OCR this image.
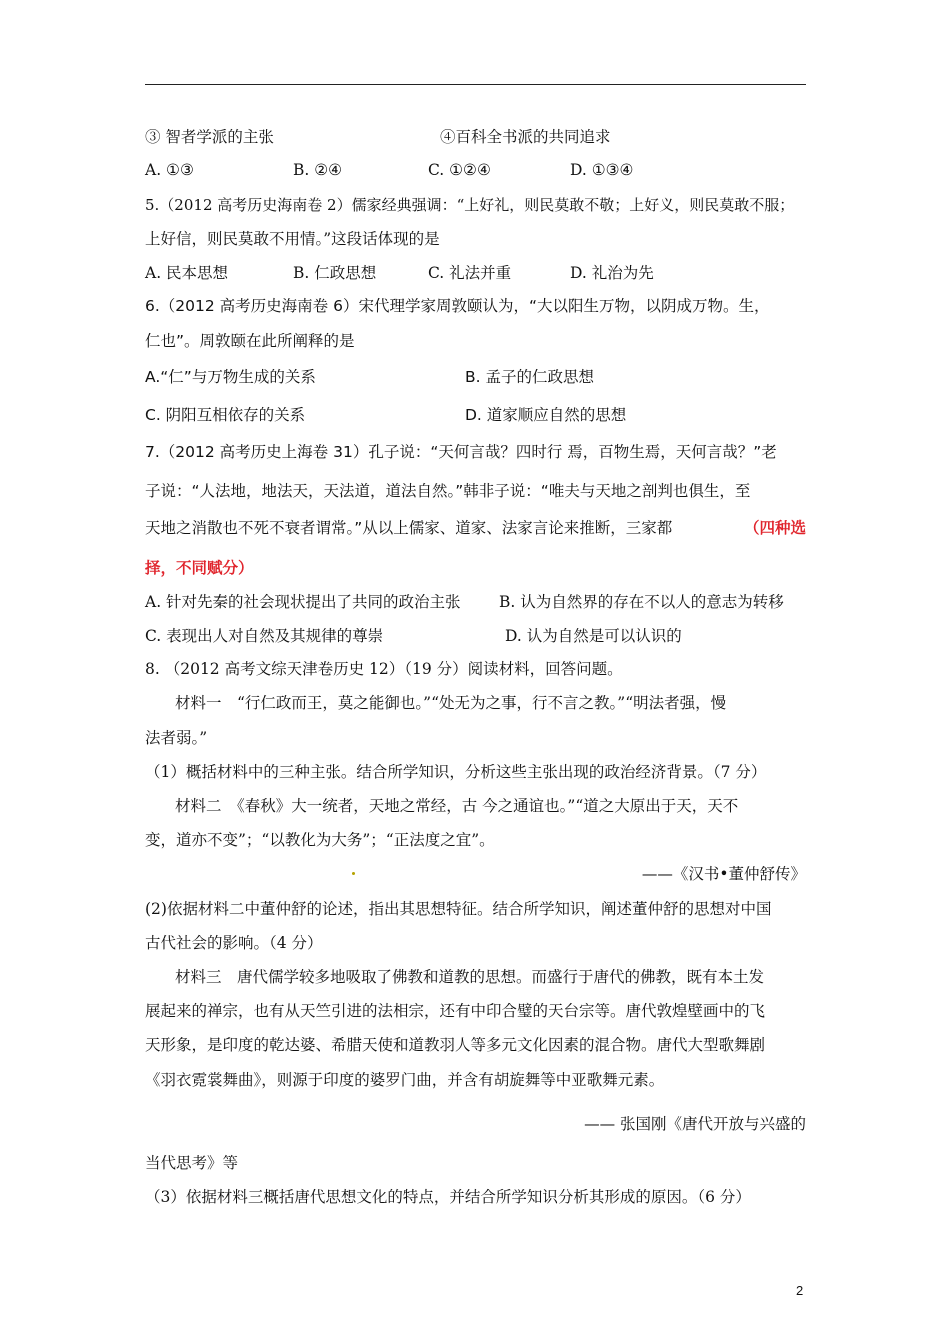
③ 智者学派的主张	④百科全书派的共同追求
A. ①③	B. ②④	C. ①②④	D. ①③④
5.（2012 高考历史海南卷 2）儒家经典强调：“上好礼，则民莫敢不敬；上好义，则民莫敢不服；
上好信，则民莫敢不用情。”这段话体现的是
A. 民本思想	B. 仁政思想	C. 礼法并重	D. 礼治为先
6.（2012 高考历史海南卷 6）宋代理学家周敦颐认为，“大以阳生万物，以阴成万物。生，
仁也”。周敦颐在此所阐释的是
A.“仁”与万物生成的关系	B. 孟子的仁政思想
C. 阴阳互相依存的关系	D. 道家顺应自然的思想
7.（2012 高考历史上海卷 31）孔子说：“天何言哉？四时行 焉，百物生焉，天何言哉？”老
子说：“人法地，地法天，天法道，道法自然。”韩非子说：“唯夫与天地之剖判也俱生，至
天地之消散也不死不衰者谓常。”从以上儒家、道家、法家言论来推断，三家都	（四种选
择，不同赋分）
A. 针对先秦的社会现状提出了共同的政治主张 B. 认为自然界的存在不以人的意志为转移
C. 表现出人对自然及其规律的尊崇	D. 认为自然是可以认识的
8. （2012 高考文综天津卷历史 12）（19 分）阅读材料，回答问题。
材料一　“行仁政而王，莫之能御也。”“处无为之事，行不言之教。”“明法者强，慢
法者弱。”
（1）概括材料中的三种主张。结合所学知识，分析这些主张出现的政治经济背景。（7 分）
材料二　《春秋》大一统者，天地之常经，古 今之通谊也。”“道之大原出于天，天不
变，道亦不变”；“以教化为大务”；“正法度之宜”。
——《汉书•董仲舒传》
(2)依据材料二中董仲舒的论述，指出其思想特征。结合所学知识，阐述董仲舒的思想对中国
古代社会的影响。（4 分）
材料三　唐代儒学较多地吸取了佛教和道教的思想。而盛行于唐代的佛教，既有本土发
展起来的禅宗，也有从天竺引进的法相宗，还有中印合璧的天台宗等。唐代敦煌壁画中的飞
天形象，是印度的乾达婆、希腊天使和道教羽人等多元文化因素的混合物。唐代大型歌舞剧
《羽衣霓裳舞曲》，则源于印度的婆罗门曲，并含有胡旋舞等中亚歌舞元素。
—— 张国刚《唐代开放与兴盛的
当代思考》等
（3）依据材料三概括唐代思想文化的特点，并结合所学知识分析其形成的原因。（6 分）
2
